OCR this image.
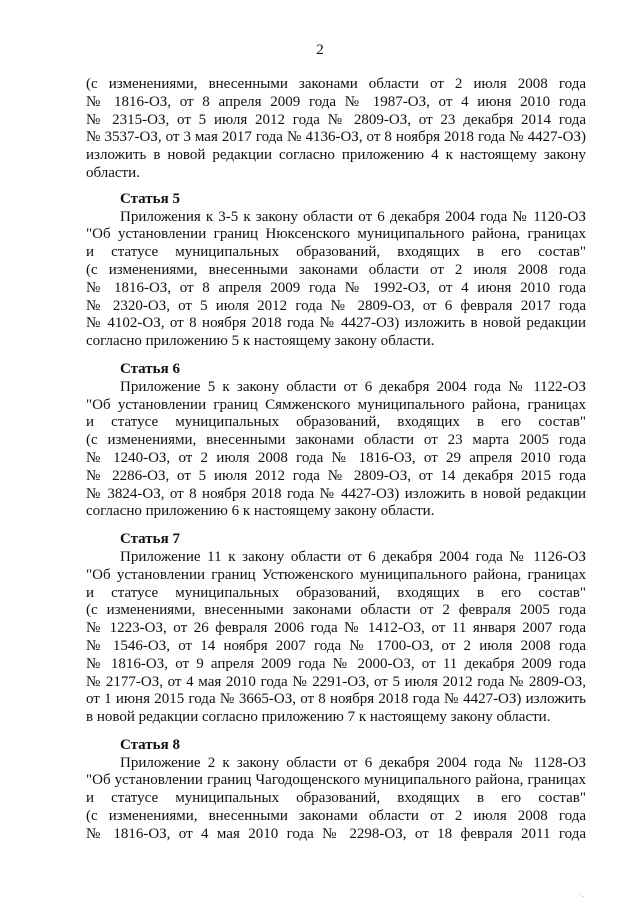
2
(с изменениями, внесенными законами области от 2 июля 2008 года
№ 1816-ОЗ, от 8 апреля 2009 года № 1987-ОЗ, от 4 июня 2010 года
№ 2315-ОЗ, от 5 июля 2012 года № 2809-ОЗ, от 23 декабря 2014 года
№ 3537-ОЗ, от 3 мая 2017 года № 4136-ОЗ, от 8 ноября 2018 года № 4427-ОЗ)
изложить в новой редакции согласно приложению 4 к настоящему закону
области.
Статья 5
Приложения к 3-5 к закону области от 6 декабря 2004 года № 1120-ОЗ
"Об установлении границ Нюксенского муниципального района, границах
и статусе муниципальных образований, входящих в его состав"
(с изменениями, внесенными законами области от 2 июля 2008 года
№ 1816-ОЗ, от 8 апреля 2009 года № 1992-ОЗ, от 4 июня 2010 года
№ 2320-ОЗ, от 5 июля 2012 года № 2809-ОЗ, от 6 февраля 2017 года
№ 4102-ОЗ, от 8 ноября 2018 года № 4427-ОЗ) изложить в новой редакции
согласно приложению 5 к настоящему закону области.
Статья 6
Приложение 5 к закону области от 6 декабря 2004 года № 1122-ОЗ
"Об установлении границ Сямженского муниципального района, границах
и статусе муниципальных образований, входящих в его состав"
(с изменениями, внесенными законами области от 23 марта 2005 года
№ 1240-ОЗ, от 2 июля 2008 года № 1816-ОЗ, от 29 апреля 2010 года
№ 2286-ОЗ, от 5 июля 2012 года № 2809-ОЗ, от 14 декабря 2015 года
№ 3824-ОЗ, от 8 ноября 2018 года № 4427-ОЗ) изложить в новой редакции
согласно приложению 6 к настоящему закону области.
Статья 7
Приложение 11 к закону области от 6 декабря 2004 года № 1126-ОЗ
"Об установлении границ Устюженского муниципального района, границах
и статусе муниципальных образований, входящих в его состав"
(с изменениями, внесенными законами области от 2 февраля 2005 года
№ 1223-ОЗ, от 26 февраля 2006 года № 1412-ОЗ, от 11 января 2007 года
№ 1546-ОЗ, от 14 ноября 2007 года № 1700-ОЗ, от 2 июля 2008 года
№ 1816-ОЗ, от 9 апреля 2009 года № 2000-ОЗ, от 11 декабря 2009 года
№ 2177-ОЗ, от 4 мая 2010 года № 2291-ОЗ, от 5 июля 2012 года № 2809-ОЗ,
от 1 июня 2015 года № 3665-ОЗ, от 8 ноября 2018 года № 4427-ОЗ) изложить
в новой редакции согласно приложению 7 к настоящему закону области.
Статья 8
Приложение 2 к закону области от 6 декабря 2004 года № 1128-ОЗ
"Об установлении границ Чагодощенского муниципального района, границах
и статусе муниципальных образований, входящих в его состав"
(с изменениями, внесенными законами области от 2 июля 2008 года
№ 1816-ОЗ, от 4 мая 2010 года № 2298-ОЗ, от 18 февраля 2011 года
· .
